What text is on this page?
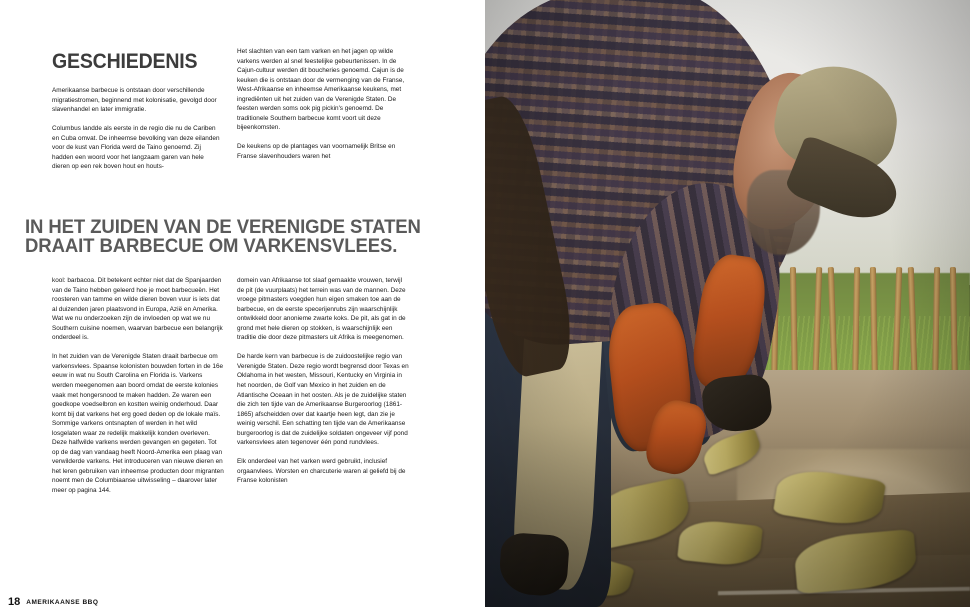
GESCHIEDENIS

Amerikaanse barbecue is ontstaan door verschillende migratiestromen, beginnend met kolonisatie, gevolgd door slavenhandel en later immigratie.

Columbus landde als eerste in de regio die nu de Cariben en Cuba omvat. De inheemse bevolking van deze eilanden voor de kust van Florida werd de Taino genoemd. Zij hadden een woord voor het langzaam garen van hele dieren op een rek boven hout en houts-

Het slachten van een tam varken en het jagen op wilde varkens werden al snel feestelijke gebeurtenissen. In de Cajun-cultuur werden dit boucheries genoemd. Cajun is de keuken die is ontstaan door de vermenging van de Franse, West-Afrikaanse en inheemse Amerikaanse keukens, met ingrediënten uit het zuiden van de Verenigde Staten. De feesten werden soms ook pig pickin's genoemd. De traditionele Southern barbecue komt voort uit deze bijeenkomsten.

De keukens op de plantages van voornamelijk Britse en Franse slavenhouders waren het

IN HET ZUIDEN VAN DE VERENIGDE STATEN
DRAAIT BARBECUE OM VARKENSVLEES.

kool: barbacoa. Dit betekent echter niet dat de Spanjaarden van de Taino hebben geleerd hoe je moet barbecueën. Het roosteren van tamme en wilde dieren boven vuur is iets dat al duizenden jaren plaatsvond in Europa, Azië en Amerika. Wat we nu onderzoeken zijn de invloeden op wat we nu Southern cuisine noemen, waarvan barbecue een belangrijk onderdeel is.

In het zuiden van de Verenigde Staten draait barbecue om varkensvlees. Spaanse kolonisten bouwden forten in de 16e eeuw in wat nu South Carolina en Florida is. Varkens werden meegenomen aan boord omdat de eerste kolonies vaak met hongersnood te maken hadden. Ze waren een goedkope voedselbron en kostten weinig onderhoud. Daar komt bij dat varkens het erg goed deden op de lokale maïs. Sommige varkens ontsnapten of werden in het wild losgelaten waar ze redelijk makkelijk konden overleven. Deze halfwilde varkens werden gevangen en gegeten. Tot op de dag van vandaag heeft Noord-Amerika een plaag van verwilderde varkens. Het introduceren van nieuwe dieren en het leren gebruiken van inheemse producten door migranten noemt men de Columbiaanse uitwisseling – daarover later meer op pagina 144.

domein van Afrikaanse tot slaaf gemaakte vrouwen, terwijl de pit (de vuurplaats) het terrein was van de mannen. Deze vroege pitmasters voegden hun eigen smaken toe aan de barbecue, en de eerste specerijenrubs zijn waarschijnlijk ontwikkeld door anonieme zwarte koks. De pit, als gat in de grond met hele dieren op stokken, is waarschijnlijk een traditie die door deze pitmasters uit Afrika is meegenomen.

De harde kern van barbecue is de zuidoostelijke regio van Verenigde Staten. Deze regio wordt begrensd door Texas en Oklahoma in het westen, Missouri, Kentucky en Virginia in het noorden, de Golf van Mexico in het zuiden en de Atlantische Oceaan in het oosten. Als je de zuidelijke staten die zich ten tijde van de Amerikaanse Burgeroorlog (1861-1865) afscheidden over dat kaartje heen legt, dan zie je weinig verschil. Een schatting ten tijde van de Amerikaanse burgeroorlog is dat de zuidelijke soldaten ongeveer vijf pond varkensvlees aten tegenover één pond rundvlees.

Elk onderdeel van het varken werd gebruikt, inclusief orgaanvlees. Worsten en charcuterie waren al geliefd bij de Franse kolonisten

18 AMERIKAANSE BBQ
